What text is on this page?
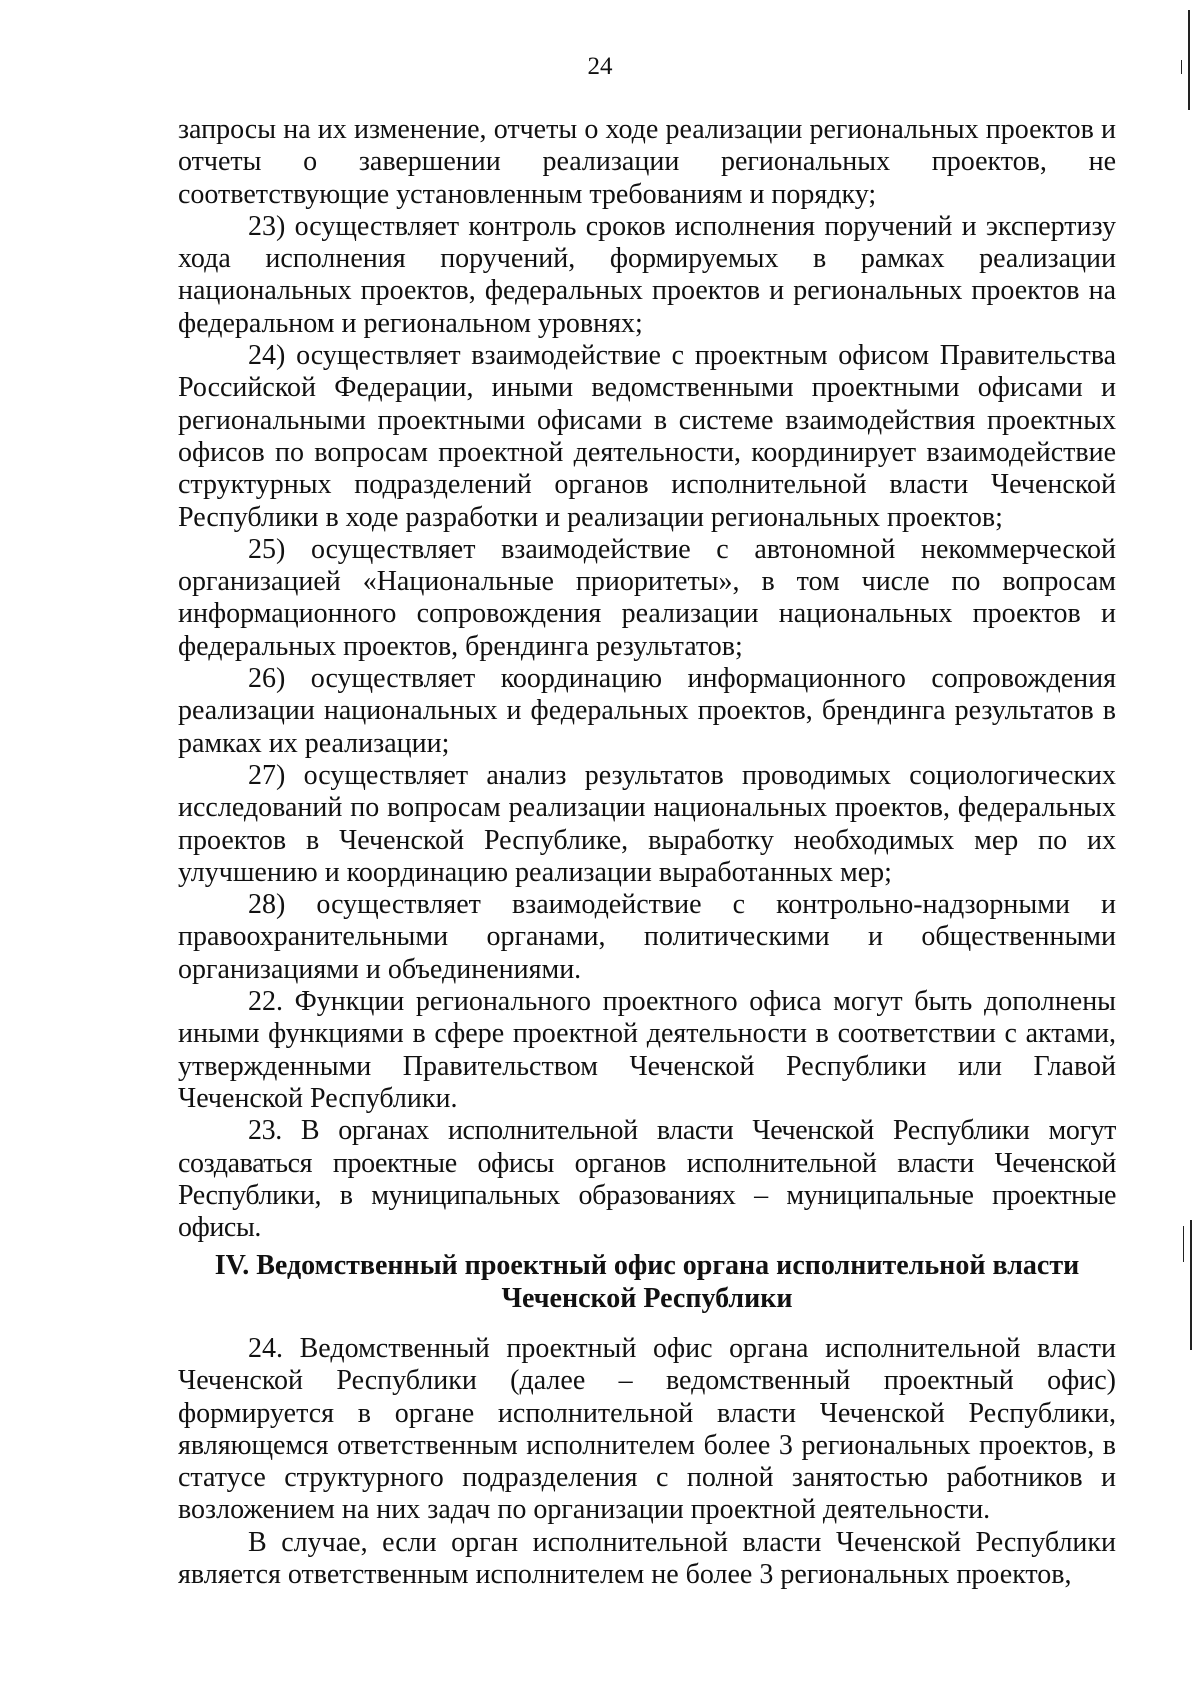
24

запросы на их изменение, отчеты о ходе реализации региональных проектов и отчеты о завершении реализации региональных проектов, не соответствующие установленным требованиям и порядку;

23) осуществляет контроль сроков исполнения поручений и экспертизу хода исполнения поручений, формируемых в рамках реализации национальных проектов, федеральных проектов и региональных проектов на федеральном и региональном уровнях;

24) осуществляет взаимодействие с проектным офисом Правительства Российской Федерации, иными ведомственными проектными офисами и региональными проектными офисами в системе взаимодействия проектных офисов по вопросам проектной деятельности, координирует взаимодействие структурных подразделений органов исполнительной власти Чеченской Республики в ходе разработки и реализации региональных проектов;

25) осуществляет взаимодействие с автономной некоммерческой организацией «Национальные приоритеты», в том числе по вопросам информационного сопровождения реализации национальных проектов и федеральных проектов, брендинга результатов;

26) осуществляет координацию информационного сопровождения реализации национальных и федеральных проектов, брендинга результатов в рамках их реализации;

27) осуществляет анализ результатов проводимых социологических исследований по вопросам реализации национальных проектов, федеральных проектов в Чеченской Республике, выработку необходимых мер по их улучшению и координацию реализации выработанных мер;

28) осуществляет взаимодействие с контрольно-надзорными и правоохранительными органами, политическими и общественными организациями и объединениями.

22. Функции регионального проектного офиса могут быть дополнены иными функциями в сфере проектной деятельности в соответствии с актами, утвержденными Правительством Чеченской Республики или Главой Чеченской Республики.

23. В органах исполнительной власти Чеченской Республики могут создаваться проектные офисы органов исполнительной власти Чеченской Республики, в муниципальных образованиях – муниципальные проектные офисы.

IV. Ведомственный проектный офис органа исполнительной власти
Чеченской Республики

24. Ведомственный проектный офис органа исполнительной власти Чеченской Республики (далее – ведомственный проектный офис) формируется в органе исполнительной власти Чеченской Республики, являющемся ответственным исполнителем более 3 региональных проектов, в статусе структурного подразделения с полной занятостью работников и возложением на них задач по организации проектной деятельности.

В случае, если орган исполнительной власти Чеченской Республики является ответственным исполнителем не более 3 региональных проектов,
